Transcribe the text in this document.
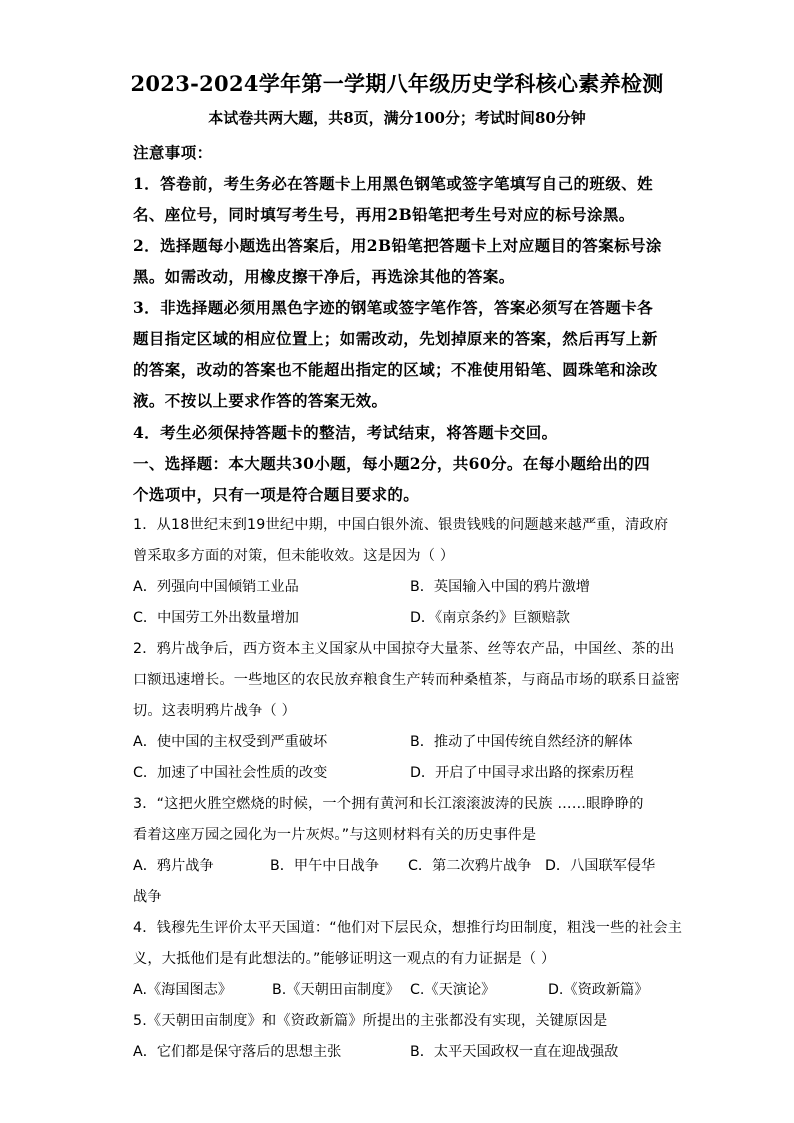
2023-2024学年第一学期八年级历史学科核心素养检测
本试卷共两大题，共8页，满分100分；考试时间80分钟
注意事项：
1．答卷前，考生务必在答题卡上用黑色钢笔或签字笔填写自己的班级、姓
名、座位号，同时填写考生号，再用2B铅笔把考生号对应的标号涂黑。
2．选择题每小题选出答案后，用2B铅笔把答题卡上对应题目的答案标号涂
黑。如需改动，用橡皮擦干净后，再选涂其他的答案。
3．非选择题必须用黑色字迹的钢笔或签字笔作答，答案必须写在答题卡各
题目指定区域的相应位置上；如需改动，先划掉原来的答案，然后再写上新
的答案，改动的答案也不能超出指定的区域；不准使用铅笔、圆珠笔和涂改
液。不按以上要求作答的答案无效。
4．考生必须保持答题卡的整洁，考试结束，将答题卡交回。
一、选择题：本大题共30小题，每小题2分，共60分。在每小题给出的四
个选项中，只有一项是符合题目要求的。
1．从18世纪末到19世纪中期，中国白银外流、银贵钱贱的问题越来越严重，清政府
曾采取多方面的对策，但未能收效。这是因为（ ）
A．列强向中国倾销工业品	B．英国输入中国的鸦片激增
C．中国劳工外出数量增加	D．《南京条约》巨额赔款
2．鸦片战争后，西方资本主义国家从中国掠夺大量茶、丝等农产品，中国丝、茶的出
口额迅速增长。一些地区的农民放弃粮食生产转而种桑植茶，与商品市场的联系日益密
切。这表明鸦片战争（ ）
A．使中国的主权受到严重破坏	B．推动了中国传统自然经济的解体
C．加速了中国社会性质的改变	D．开启了中国寻求出路的探索历程
3．“这把火胜空燃烧的时候，一个拥有黄河和长江滚滚波涛的民族 ……眼睁睁的
看着这座万园之园化为一片灰烬。”与这则材料有关的历史事件是
A．鸦片战争	B．甲午中日战争 C．第二次鸦片战争 D．八国联军侵华
战争
4．钱穆先生评价太平天国道：“他们对下层民众，想推行均田制度，粗浅一些的社会主
义，大抵他们是有此想法的。”能够证明这一观点的有力证据是（ ）
A.《海国图志》	B.《天朝田亩制度》 C.《天演论》	D.《资政新篇》
5.《天朝田亩制度》和《资政新篇》所提出的主张都没有实现，关键原因是
A．它们都是保守落后的思想主张	B．太平天国政权一直在迎战强敌
